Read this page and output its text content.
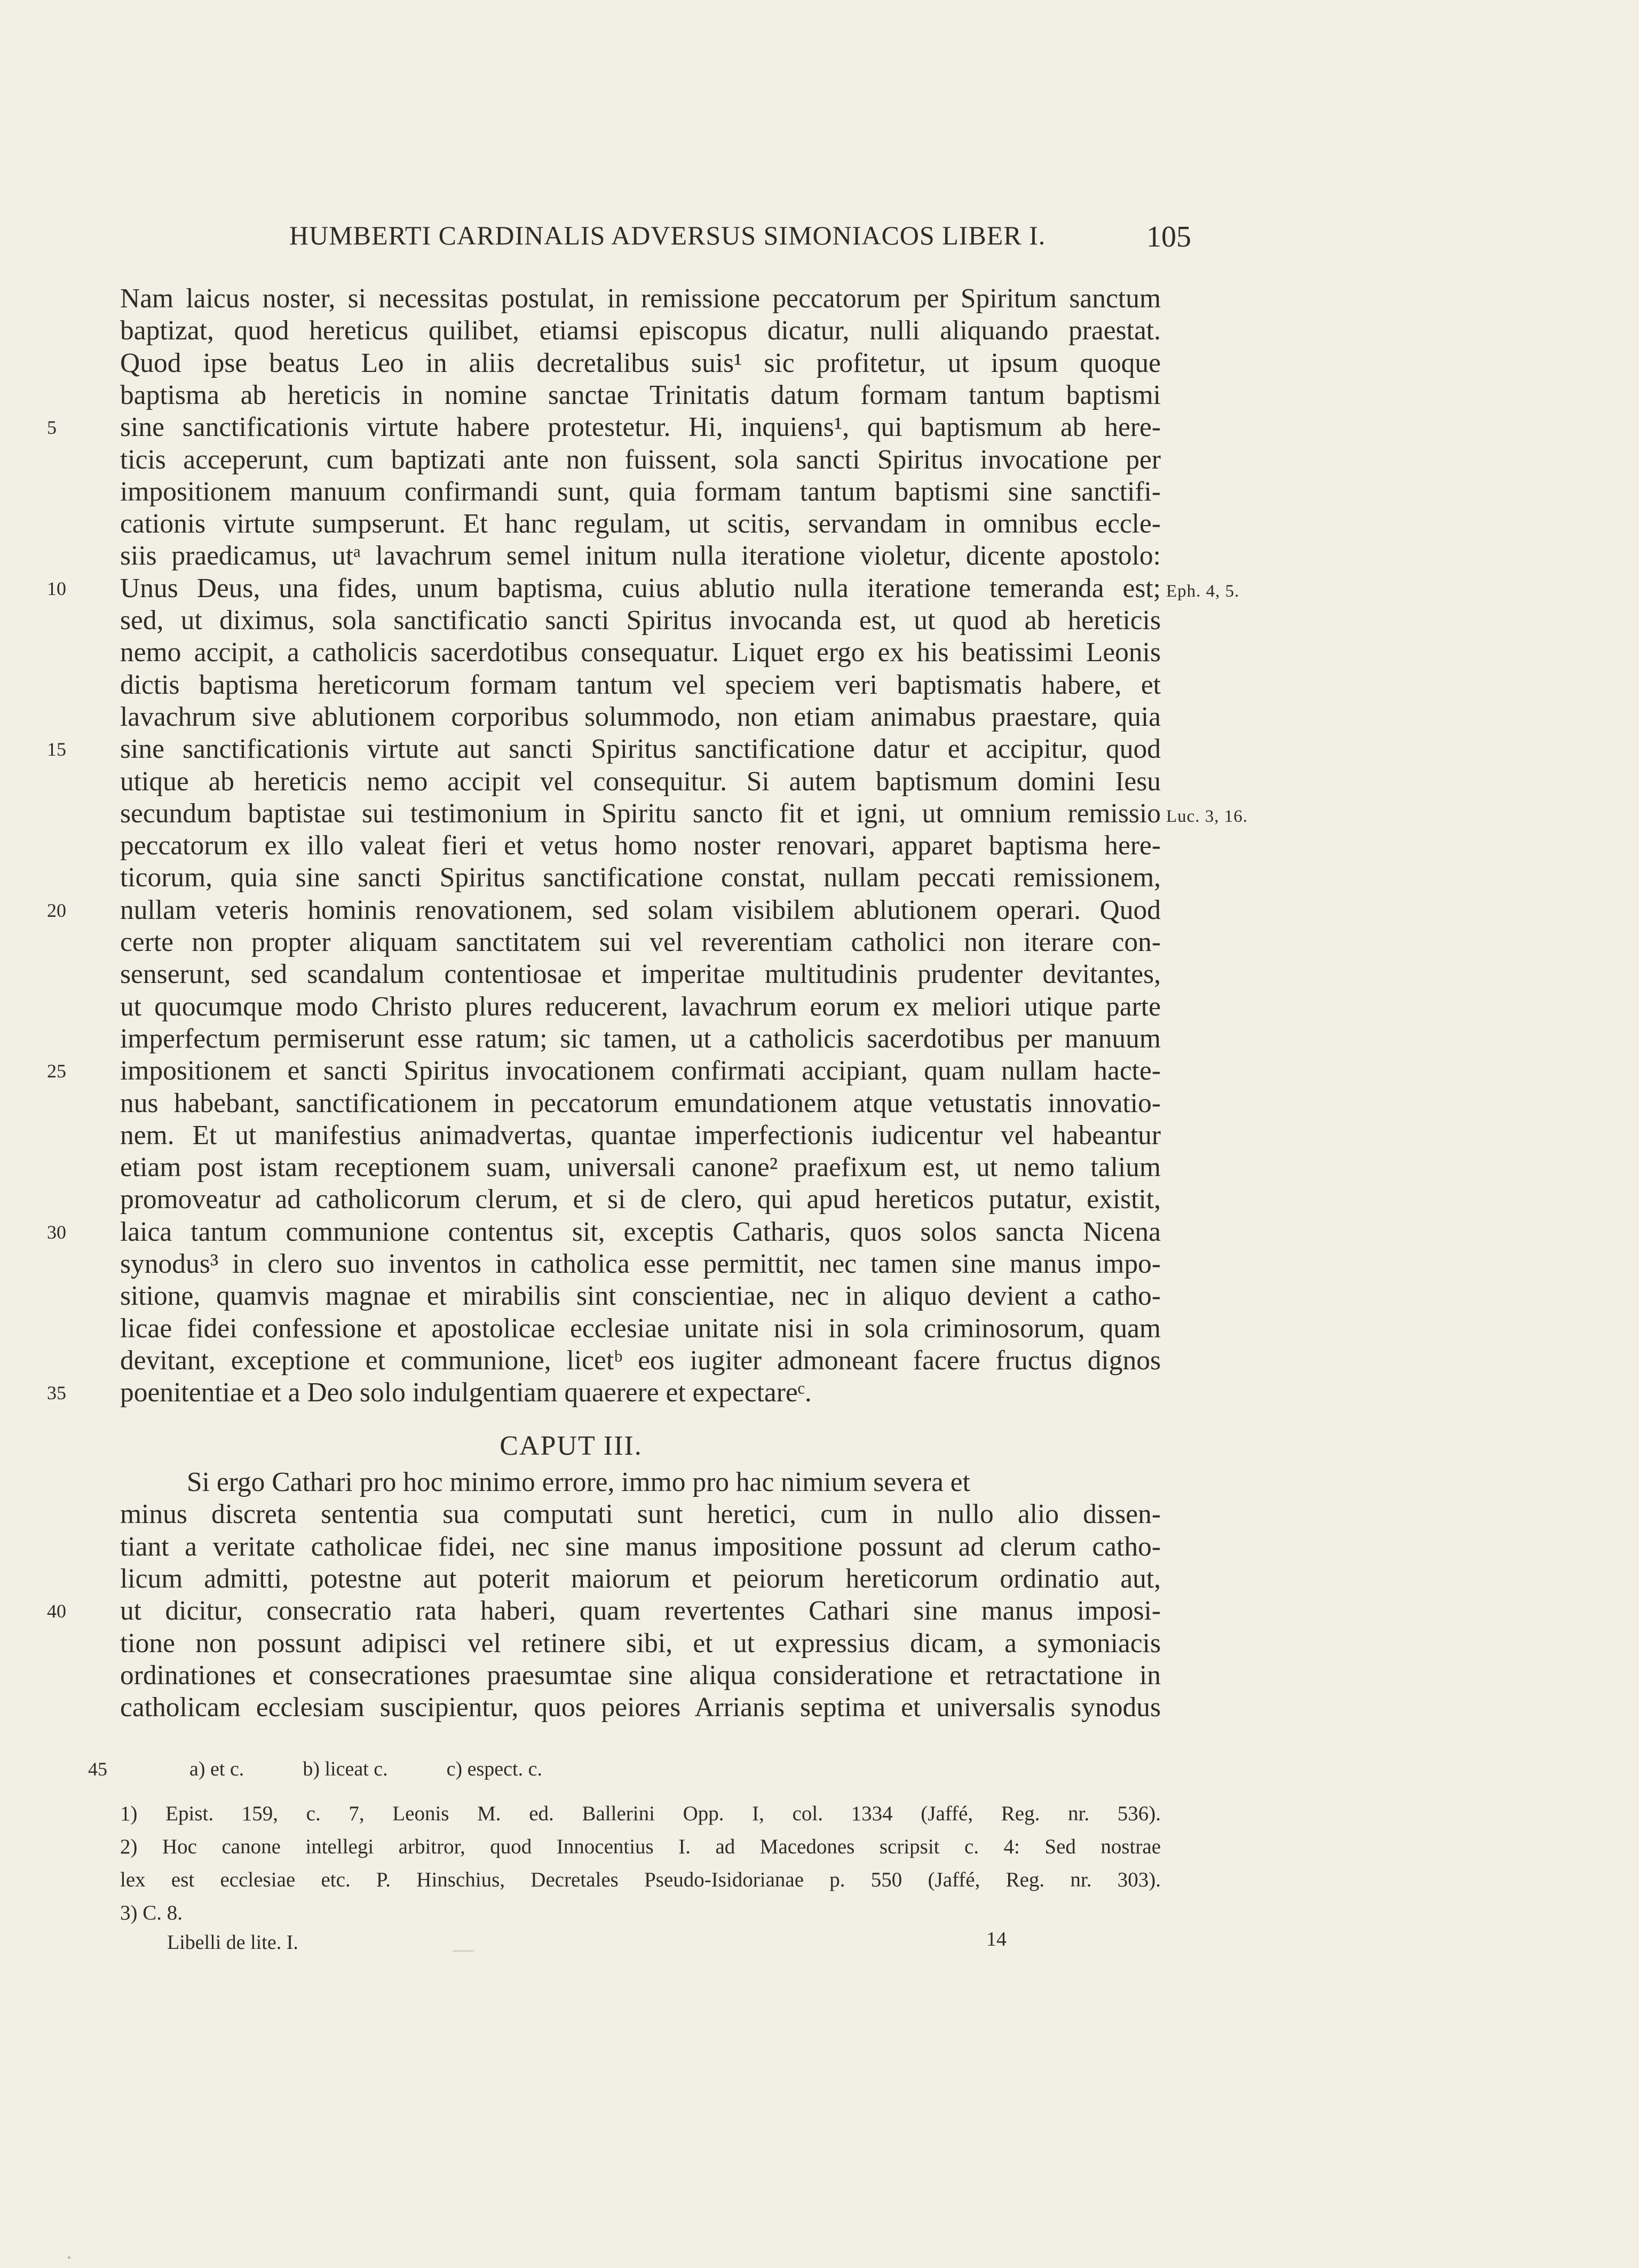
HUMBERTI CARDINALIS ADVERSUS SIMONIACOS LIBER I.	105
Nam laicus noster, si necessitas postulat, in remissione peccatorum per Spiritum sanctum
baptizat, quod hereticus quilibet, etiamsi episcopus dicatur, nulli aliquando praestat.
Quod ipse beatus Leo in aliis decretalibus suis¹ sic profitetur, ut ipsum quoque
baptisma ab hereticis in nomine sanctae Trinitatis datum formam tantum baptismi
sine sanctificationis virtute habere protestetur. Hi, inquiens¹, qui baptismum ab here-
ticis acceperunt, cum baptizati ante non fuissent, sola sancti Spiritus invocatione per
impositionem manuum confirmandi sunt, quia formam tantum baptismi sine sanctifi-
cationis virtute sumpserunt. Et hanc regulam, ut scitis, servandam in omnibus eccle-
siis praedicamus, utᵃ lavachrum semel initum nulla iteratione violetur, dicente apostolo:
Unus Deus, una fides, unum baptisma, cuius ablutio nulla iteratione temeranda est;
sed, ut diximus, sola sanctificatio sancti Spiritus invocanda est, ut quod ab hereticis
nemo accipit, a catholicis sacerdotibus consequatur. Liquet ergo ex his beatissimi Leonis
dictis baptisma hereticorum formam tantum vel speciem veri baptismatis habere, et
lavachrum sive ablutionem corporibus solummodo, non etiam animabus praestare, quia
sine sanctificationis virtute aut sancti Spiritus sanctificatione datur et accipitur, quod
utique ab hereticis nemo accipit vel consequitur. Si autem baptismum domini Iesu
secundum baptistae sui testimonium in Spiritu sancto fit et igni, ut omnium remissio
peccatorum ex illo valeat fieri et vetus homo noster renovari, apparet baptisma here-
ticorum, quia sine sancti Spiritus sanctificatione constat, nullam peccati remissionem,
nullam veteris hominis renovationem, sed solam visibilem ablutionem operari. Quod
certe non propter aliquam sanctitatem sui vel reverentiam catholici non iterare con-
senserunt, sed scandalum contentiosae et imperitae multitudinis prudenter devitantes,
ut quocumque modo Christo plures reducerent, lavachrum eorum ex meliori utique parte
imperfectum permiserunt esse ratum; sic tamen, ut a catholicis sacerdotibus per manuum
impositionem et sancti Spiritus invocationem confirmati accipiant, quam nullam hacte-
nus habebant, sanctificationem in peccatorum emundationem atque vetustatis innovatio-
nem. Et ut manifestius animadvertas, quantae imperfectionis iudicentur vel habeantur
etiam post istam receptionem suam, universali canone² praefixum est, ut nemo talium
promoveatur ad catholicorum clerum, et si de clero, qui apud hereticos putatur, existit,
laica tantum communione contentus sit, exceptis Catharis, quos solos sancta Nicena
synodus³ in clero suo inventos in catholica esse permittit, nec tamen sine manus impo-
sitione, quamvis magnae et mirabilis sint conscientiae, nec in aliquo devient a catho-
licae fidei confessione et apostolicae ecclesiae unitate nisi in sola criminosorum, quam
devitant, exceptione et communione, licetᵇ eos iugiter admoneant facere fructus dignos
poenitentiae et a Deo solo indulgentiam quaerere et expectareᶜ.
Si ergo Cathari pro hoc minimo errore, immo pro hac nimium severa et
minus discreta sententia sua computati sunt heretici, cum in nullo alio dissen-
tiant a veritate catholicae fidei, nec sine manus impositione possunt ad clerum catho-
licum admitti, potestne aut poterit maiorum et peiorum hereticorum ordinatio aut,
ut dicitur, consecratio rata haberi, quam revertentes Cathari sine manus imposi-
tione non possunt adipisci vel retinere sibi, et ut expressius dicam, a symoniacis
ordinationes et consecrationes praesumtae sine aliqua consideratione et retractatione in
catholicam ecclesiam suscipientur, quos peiores Arrianis septima et universalis synodus
5
10
15
20
25
30
35
40
Eph. 4, 5.
Luc. 3, 16.
CAPUT III.
45	a) et c.	b) liceat c.	c) espect. c.
1) Epist. 159, c. 7, Leonis M. ed. Ballerini Opp. I, col. 1334 (Jaffé, Reg. nr. 536).
2) Hoc canone intellegi arbitror, quod Innocentius I. ad Macedones scripsit c. 4: Sed nostrae
lex est ecclesiae etc. P. Hinschius, Decretales Pseudo-Isidorianae p. 550 (Jaffé, Reg. nr. 303).
3) C. 8.
Libelli de lite. I.	14
